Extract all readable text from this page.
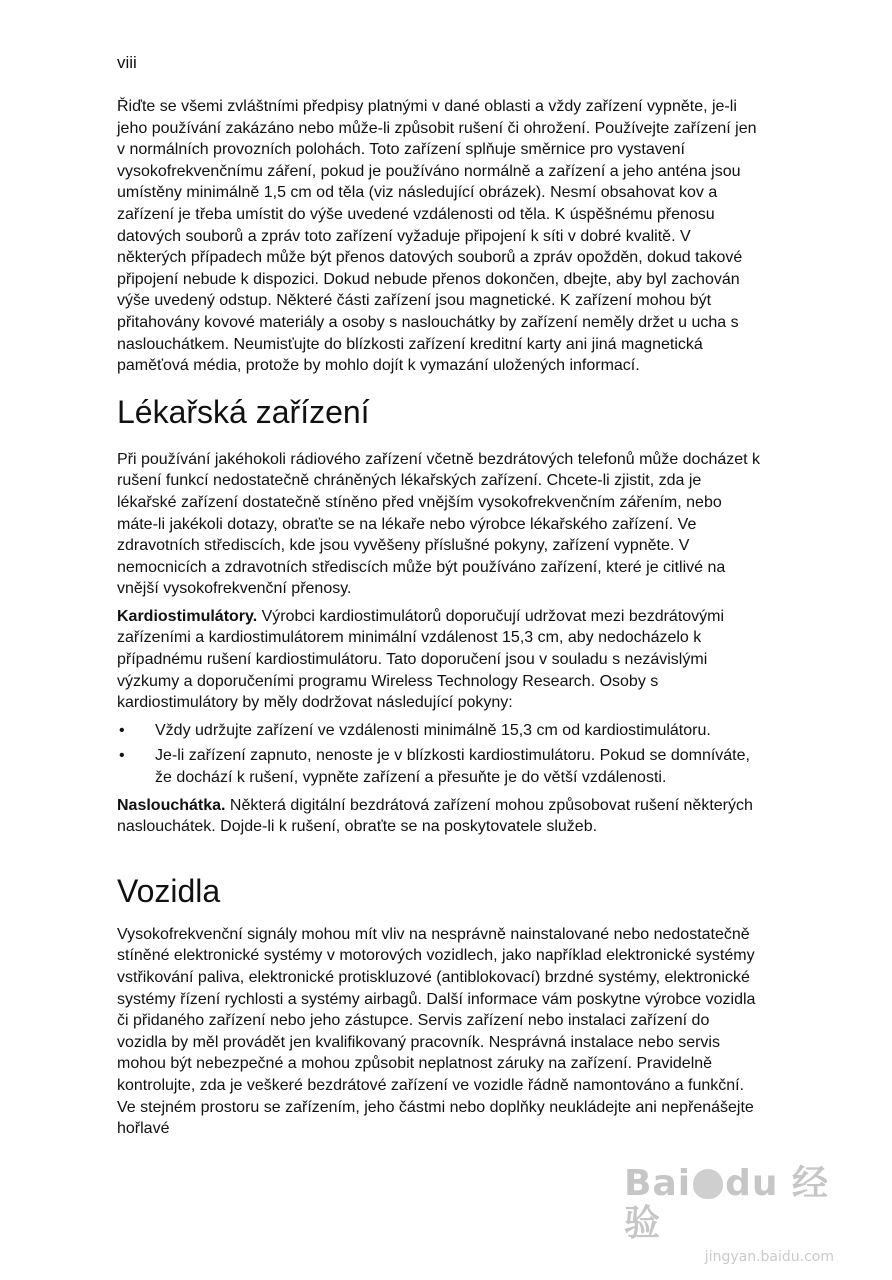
viii

Řiďte se všemi zvláštními předpisy platnými v dané oblasti a vždy zařízení vypněte, je-li jeho používání zakázáno nebo může-li způsobit rušení či ohrožení. Používejte zařízení jen v normálních provozních polohách. Toto zařízení splňuje směrnice pro vystavení vysokofrekvenčnímu záření, pokud je používáno normálně a zařízení a jeho anténa jsou umístěny minimálně 1,5 cm od těla (viz následující obrázek). Nesmí obsahovat kov a zařízení je třeba umístit do výše uvedené vzdálenosti od těla. K úspěšnému přenosu datových souborů a zpráv toto zařízení vyžaduje připojení k síti v dobré kvalitě. V některých případech může být přenos datových souborů a zpráv opožděn, dokud takové připojení nebude k dispozici. Dokud nebude přenos dokončen, dbejte, aby byl zachován výše uvedený odstup. Některé části zařízení jsou magnetické. K zařízení mohou být přitahovány kovové materiály a osoby s naslouchátky by zařízení neměly držet u ucha s naslouchátkem. Neumisťujte do blízkosti zařízení kreditní karty ani jiná magnetická paměťová média, protože by mohlo dojít k vymazání uložených informací.

Lékařská zařízení

Při používání jakéhokoli rádiového zařízení včetně bezdrátových telefonů může docházet k rušení funkcí nedostatečně chráněných lékařských zařízení. Chcete-li zjistit, zda je lékařské zařízení dostatečně stíněno před vnějším vysokofrekvenčním zářením, nebo máte-li jakékoli dotazy, obraťte se na lékaře nebo výrobce lékařského zařízení. Ve zdravotních střediscích, kde jsou vyvěšeny příslušné pokyny, zařízení vypněte. V nemocnicích a zdravotních střediscích může být používáno zařízení, které je citlivé na vnější vysokofrekvenční přenosy.

Kardiostimulátory. Výrobci kardiostimulátorů doporučují udržovat mezi bezdrátovými zařízeními a kardiostimulátorem minimální vzdálenost 15,3 cm, aby nedocházelo k případnému rušení kardiostimulátoru. Tato doporučení jsou v souladu s nezávislými výzkumy a doporučeními programu Wireless Technology Research. Osoby s kardiostimulátory by měly dodržovat následující pokyny:

• Vždy udržujte zařízení ve vzdálenosti minimálně 15,3 cm od kardiostimulátoru.
• Je-li zařízení zapnuto, nenoste je v blízkosti kardiostimulátoru. Pokud se domníváte, že dochází k rušení, vypněte zařízení a přesuňte je do větší vzdálenosti.

Naslouchátka. Některá digitální bezdrátová zařízení mohou způsobovat rušení některých naslouchátek. Dojde-li k rušení, obraťte se na poskytovatele služeb.

Vozidla

Vysokofrekvenční signály mohou mít vliv na nesprávně nainstalované nebo nedostatečně stíněné elektronické systémy v motorových vozidlech, jako například elektronické systémy vstřikování paliva, elektronické protiskluzové (antiblokovací) brzdné systémy, elektronické systémy řízení rychlosti a systémy airbagů. Další informace vám poskytne výrobce vozidla či přidaného zařízení nebo jeho zástupce. Servis zařízení nebo instalaci zařízení do vozidla by měl provádět jen kvalifikovaný pracovník. Nesprávná instalace nebo servis mohou být nebezpečné a mohou způsobit neplatnost záruky na zařízení. Pravidelně kontrolujte, zda je veškeré bezdrátové zařízení ve vozidle řádně namontováno a funkční. Ve stejném prostoru se zařízením, jeho částmi nebo doplňky neukládejte ani nepřenášejte hořlavé

Bai du 经验
jingyan.baidu.com
